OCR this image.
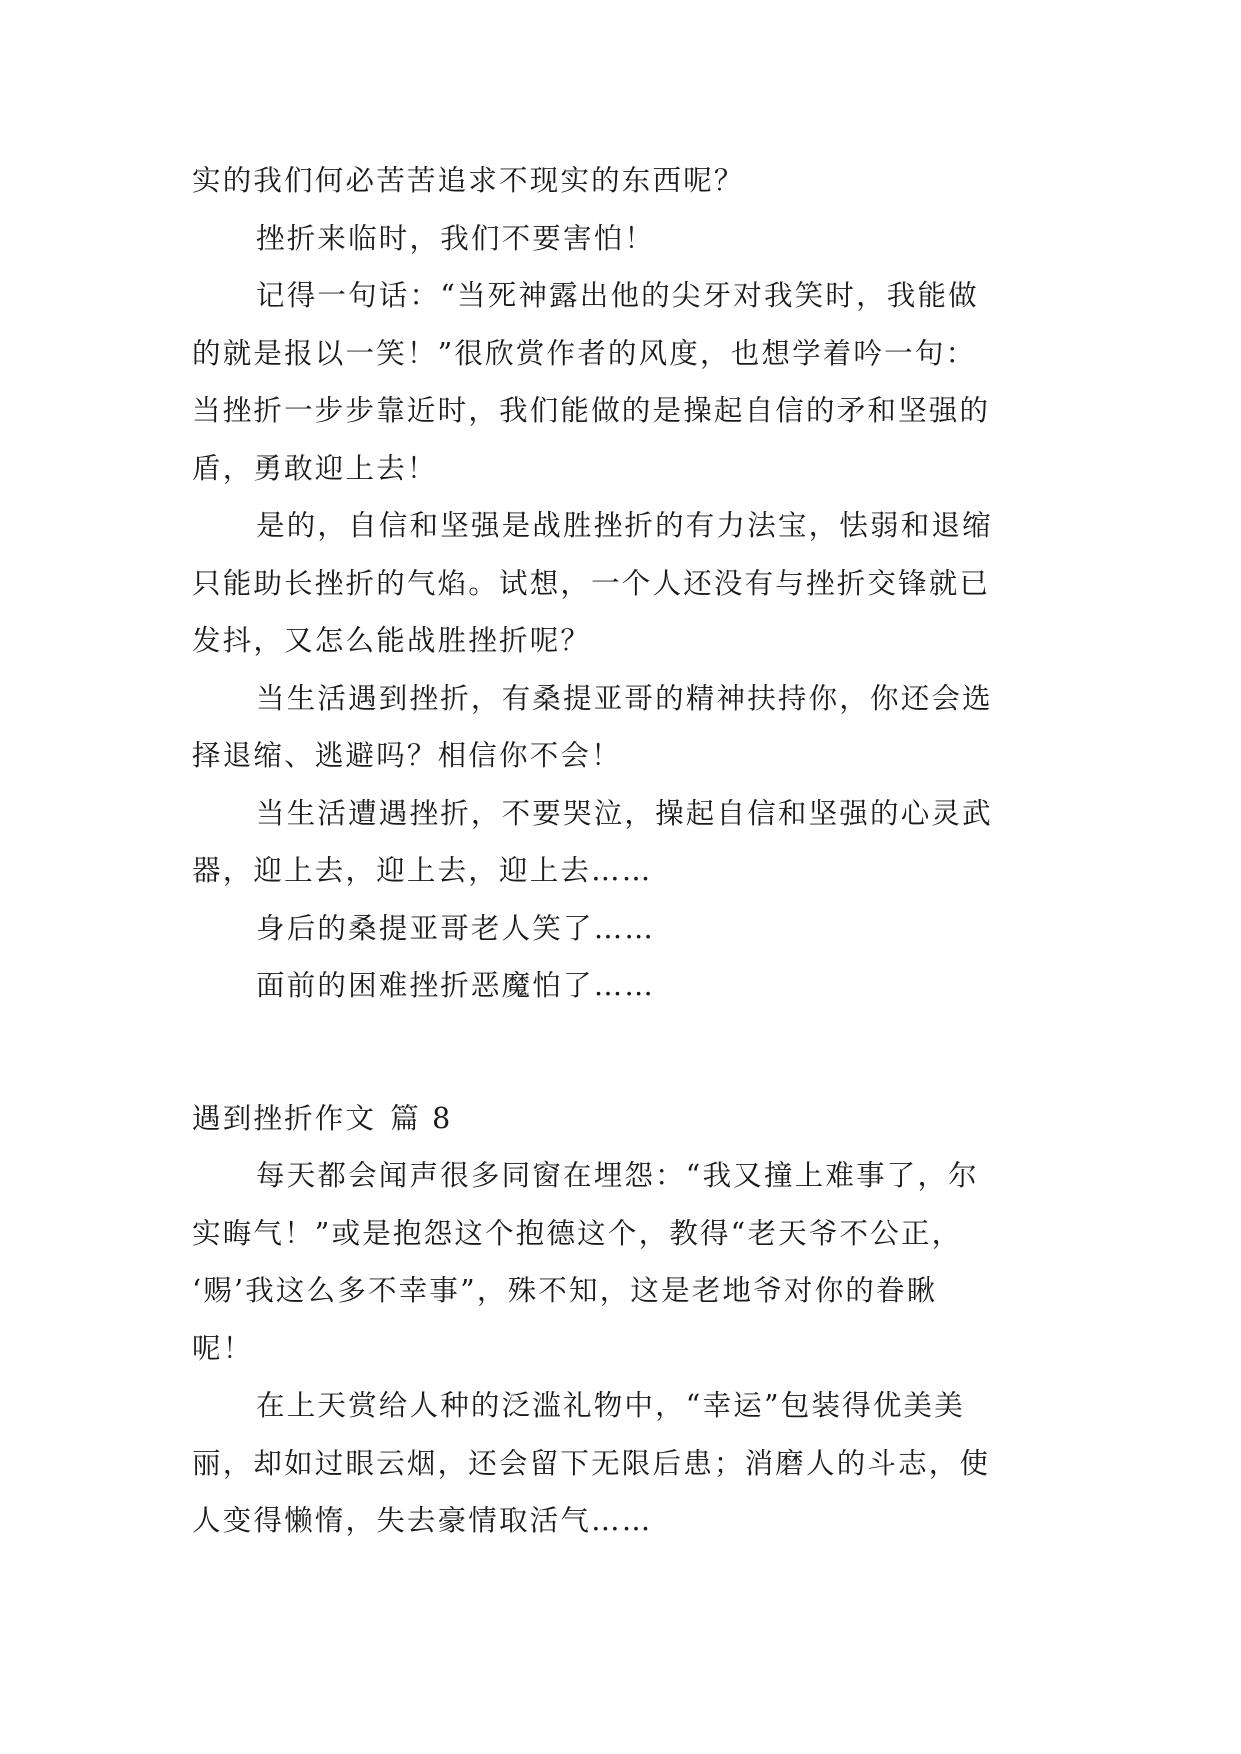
实的我们何必苦苦追求不现实的东西呢？
挫折来临时，我们不要害怕！
记得一句话：“当死神露出他的尖牙对我笑时，我能做
的就是报以一笑！”很欣赏作者的风度，也想学着吟一句：
当挫折一步步靠近时，我们能做的是操起自信的矛和坚强的
盾，勇敢迎上去！
是的，自信和坚强是战胜挫折的有力法宝，怯弱和退缩
只能助长挫折的气焰。试想，一个人还没有与挫折交锋就已
发抖，又怎么能战胜挫折呢？
当生活遇到挫折，有桑提亚哥的精神扶持你，你还会选
择退缩、逃避吗？相信你不会！
当生活遭遇挫折，不要哭泣，操起自信和坚强的心灵武
器，迎上去，迎上去，迎上去……
身后的桑提亚哥老人笑了……
面前的困难挫折恶魔怕了……
遇到挫折作文 篇 8
每天都会闻声很多同窗在埋怨：“我又撞上难事了，尔
实晦气！”或是抱怨这个抱德这个，教得“老天爷不公正，
‘赐’我这么多不幸事”，殊不知，这是老地爷对你的眷瞅
呢！
在上天赏给人种的泛滥礼物中，“幸运”包装得优美美
丽，却如过眼云烟，还会留下无限后患；消磨人的斗志，使
人变得懒惰，失去豪情取活气……
